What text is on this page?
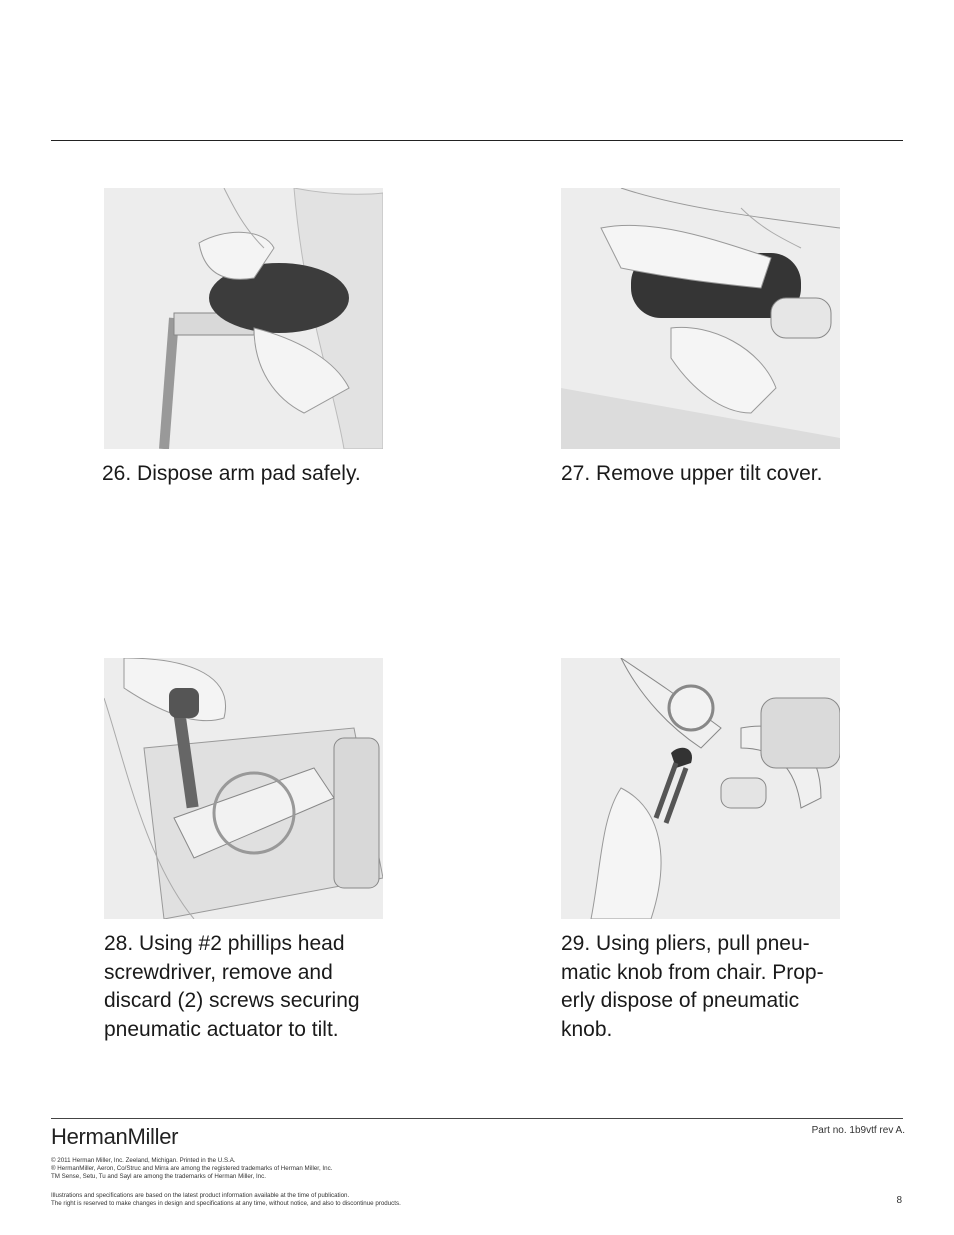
26. Dispose arm pad safely.	27. Remove upper tilt cover.
28. Using #2 phillips head
screwdriver, remove and
discard (2) screws securing
pneumatic actuator to tilt.
29. Using pliers, pull pneu-
matic knob from chair. Prop-
erly dispose of pneumatic
knob.
HermanMiller	Part no. 1b9vtf rev A.
© 2011 Herman Miller, Inc. Zeeland, Michigan. Printed in the U.S.A.
® HermanMiller, Aeron, Co/Struc and Mirra are among the registered trademarks of Herman Miller, Inc.
TM Sense, Setu, Tu and Sayl are among the trademarks of Herman Miller, Inc.
Illustrations and specifications are based on the latest product information available at the time of publication.
The right is reserved to make changes in design and specifications at any time, without notice, and also to discontinue products.	8
